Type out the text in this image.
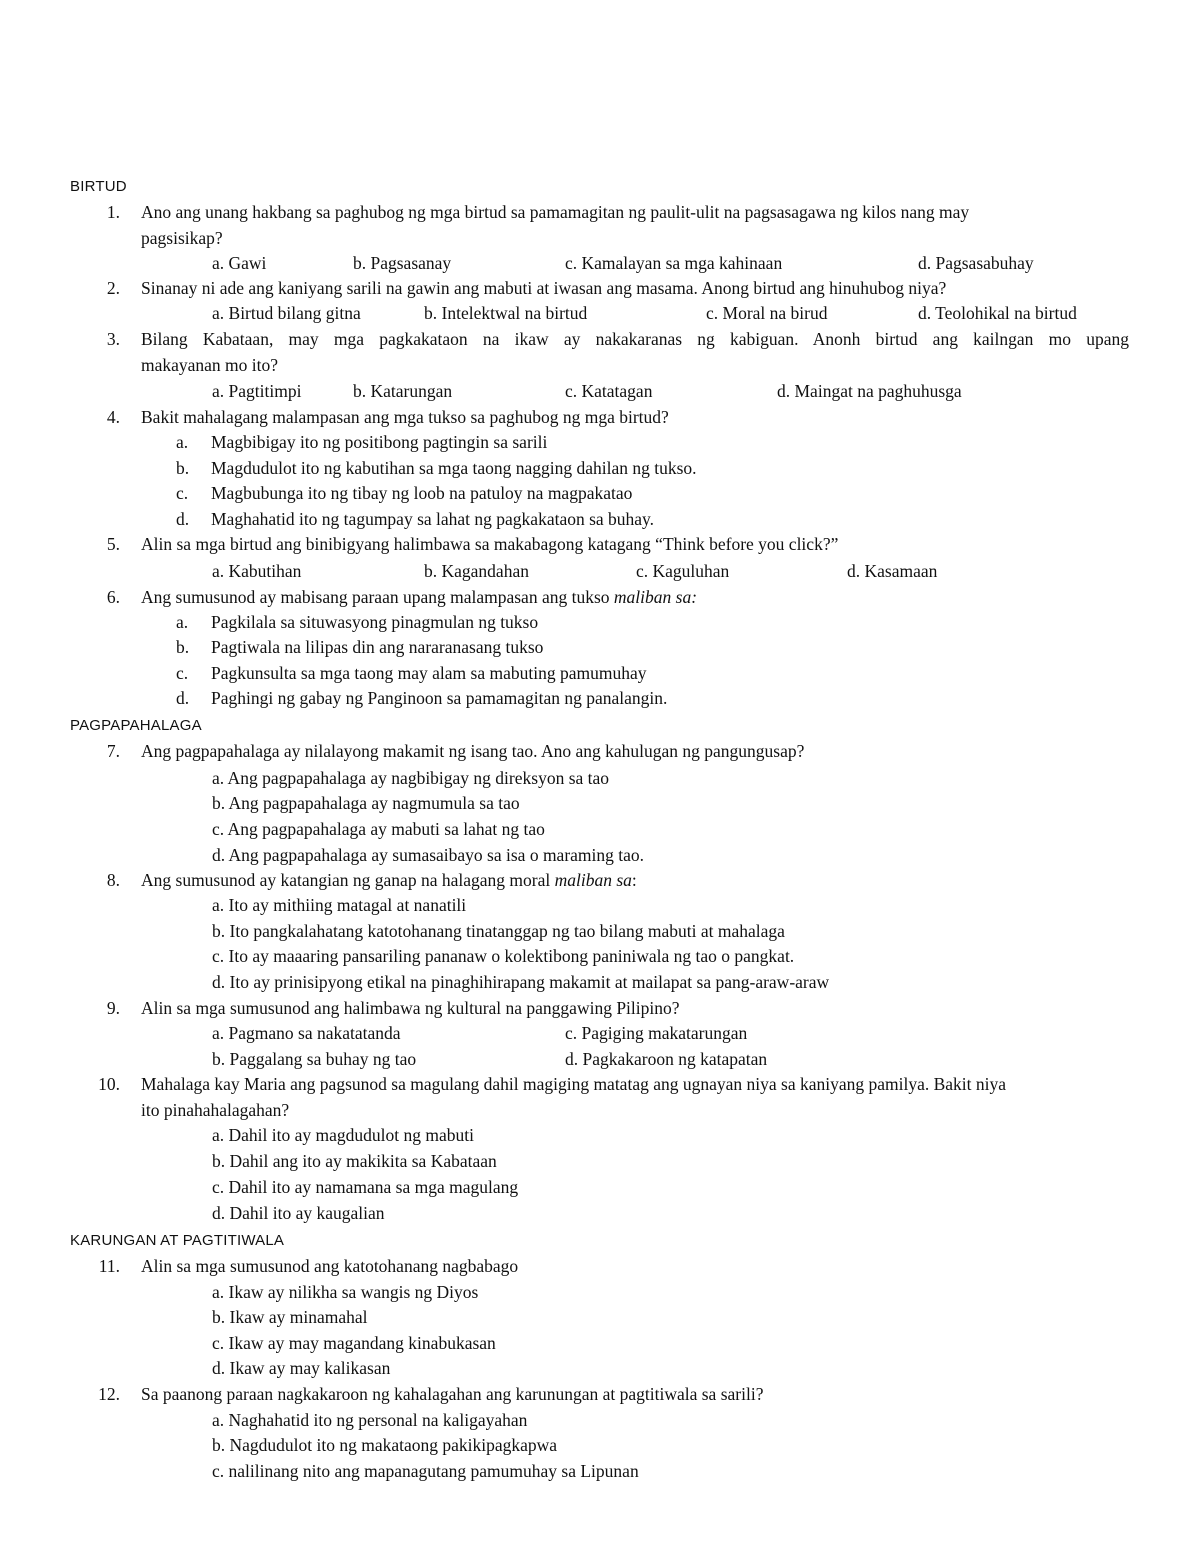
BIRTUD
1. Ano ang unang hakbang sa paghubog ng mga birtud sa pamamagitan ng paulit-ulit na pagsasagawa ng kilos nang may
pagsisikap?
a. Gawi	b. Pagsasanay	c. Kamalayan sa mga kahinaan	d. Pagsasabuhay
2. Sinanay ni ade ang kaniyang sarili na gawin ang mabuti at iwasan ang masama. Anong birtud ang hinuhubog niya?
a. Birtud bilang gitna	b. Intelektwal na birtud	c. Moral na birud	d. Teolohikal na birtud
3. Bilang Kabataan, may mga pagkakataon na ikaw ay nakakaranas ng kabiguan. Anonh birtud ang kailngan mo upang
makayanan mo ito?
a. Pagtitimpi	b. Katarungan	c. Katatagan	d. Maingat na paghuhusga
4. Bakit mahalagang malampasan ang mga tukso sa paghubog ng mga birtud?
a. Magbibigay ito ng positibong pagtingin sa sarili
b. Magdudulot ito ng kabutihan sa mga taong nagging dahilan ng tukso.
c. Magbubunga ito ng tibay ng loob na patuloy na magpakatao
d. Maghahatid ito ng tagumpay sa lahat ng pagkakataon sa buhay.
5. Alin sa mga birtud ang binibigyang halimbawa sa makabagong katagang “Think before you click?”
a. Kabutihan	b. Kagandahan	c. Kaguluhan	d. Kasamaan
6. Ang sumusunod ay mabisang paraan upang malampasan ang tukso maliban sa:
a. Pagkilala sa situwasyong pinagmulan ng tukso
b. Pagtiwala na lilipas din ang nararanasang tukso
c. Pagkunsulta sa mga taong may alam sa mabuting pamumuhay
d. Paghingi ng gabay ng Panginoon sa pamamagitan ng panalangin.
PAGPAPAHALAGA
7. Ang pagpapahalaga ay nilalayong makamit ng isang tao. Ano ang kahulugan ng pangungusap?
a. Ang pagpapahalaga ay nagbibigay ng direksyon sa tao
b. Ang pagpapahalaga ay nagmumula sa tao
c. Ang pagpapahalaga ay mabuti sa lahat ng tao
d. Ang pagpapahalaga ay sumasaibayo sa isa o maraming tao.
8. Ang sumusunod ay katangian ng ganap na halagang moral maliban sa:
a. Ito ay mithiing matagal at nanatili
b. Ito pangkalahatang katotohanang tinatanggap ng tao bilang mabuti at mahalaga
c. Ito ay maaaring pansariling pananaw o kolektibong paniniwala ng tao o pangkat.
d. Ito ay prinisipyong etikal na pinaghihirapang makamit at mailapat sa pang-araw-araw
9. Alin sa mga sumusunod ang halimbawa ng kultural na panggawing Pilipino?
a. Pagmano sa nakatatanda	c. Pagiging makatarungan
b. Paggalang sa buhay ng tao	d. Pagkakaroon ng katapatan
10. Mahalaga kay Maria ang pagsunod sa magulang dahil magiging matatag ang ugnayan niya sa kaniyang pamilya. Bakit niya
ito pinahahalagahan?
a. Dahil ito ay magdudulot ng mabuti
b. Dahil ang ito ay makikita sa Kabataan
c. Dahil ito ay namamana sa mga magulang
d. Dahil ito ay kaugalian
KARUNGAN AT PAGTITIWALA
11. Alin sa mga sumusunod ang katotohanang nagbabago
a. Ikaw ay nilikha sa wangis ng Diyos
b. Ikaw ay minamahal
c. Ikaw ay may magandang kinabukasan
d. Ikaw ay may kalikasan
12. Sa paanong paraan nagkakaroon ng kahalagahan ang karunungan at pagtitiwala sa sarili?
a. Naghahatid ito ng personal na kaligayahan
b. Nagdudulot ito ng makataong pakikipagkapwa
c. nalilinang nito ang mapanagutang pamumuhay sa Lipunan
